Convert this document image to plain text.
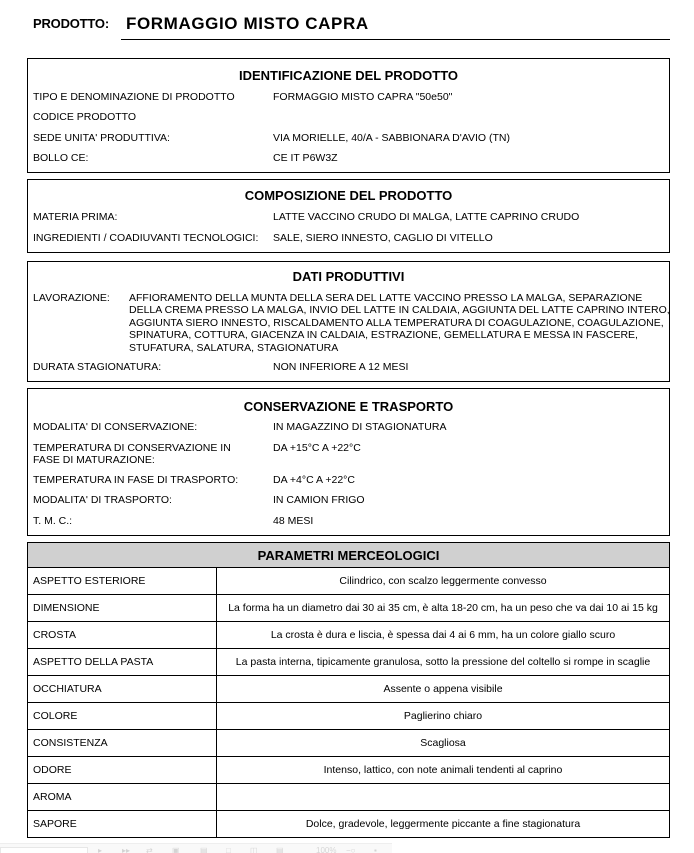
PRODOTTO: FORMAGGIO MISTO CAPRA
IDENTIFICAZIONE DEL PRODOTTO
TIPO E DENOMINAZIONE DI PRODOTTO	FORMAGGIO MISTO CAPRA "50e50"
CODICE PRODOTTO
SEDE UNITA' PRODUTTIVA:	VIA MORIELLE, 40/A - SABBIONARA D'AVIO (TN)
BOLLO CE:	CE IT P6W3Z
COMPOSIZIONE DEL PRODOTTO
MATERIA PRIMA:	LATTE VACCINO CRUDO DI MALGA, LATTE CAPRINO CRUDO
INGREDIENTI / COADIUVANTI TECNOLOGICI: SALE, SIERO INNESTO, CAGLIO DI VITELLO
DATI PRODUTTIVI
LAVORAZIONE: AFFIORAMENTO DELLA MUNTA DELLA SERA DEL LATTE VACCINO PRESSO LA MALGA, SEPARAZIONE DELLA CREMA PRESSO LA MALGA, INVIO DEL LATTE IN CALDAIA, AGGIUNTA DEL LATTE CAPRINO INTERO, AGGIUNTA SIERO INNESTO, RISCALDAMENTO ALLA TEMPERATURA DI COAGULAZIONE, COAGULAZIONE, SPINATURA, COTTURA, GIACENZA IN CALDAIA, ESTRAZIONE, GEMELLATURA E MESSA IN FASCERE, STUFATURA, SALATURA, STAGIONATURA
DURATA STAGIONATURA:	NON INFERIORE A 12 MESI
CONSERVAZIONE E TRASPORTO
MODALITA' DI CONSERVAZIONE:	IN MAGAZZINO DI STAGIONATURA
TEMPERATURA DI CONSERVAZIONE IN FASE DI MATURAZIONE:
DA +15°C A +22°C
TEMPERATURA IN FASE DI TRASPORTO:	DA +4°C A +22°C
MODALITA' DI TRASPORTO:	IN CAMION FRIGO
T. M. C.:	48 MESI
PARAMETRI MERCEOLOGICI	
ASPETTO ESTERIORE	Cilindrico, con scalzo leggermente convesso
DIMENSIONE	La forma ha un diametro dai 30 ai 35 cm, è alta 18-20 cm, ha un peso che va dai 10 ai 15 kg
CROSTA	La crosta è dura e liscia, è spessa dai 4 ai 6 mm, ha un colore giallo scuro
ASPETTO DELLA PASTA	La pasta interna, tipicamente granulosa, sotto la pressione del coltello si rompe in scaglie
OCCHIATURA	Assente o appena visibile
COLORE	Paglierino chiaro
CONSISTENZA	Scagliosa
ODORE	Intenso, lattico, con note animali tendenti al caprino
AROMA	
SAPORE	Dolce, gradevole, leggermente piccante a fine stagionatura
▸ ▸▸ ⇄ ▣	▤ □ ◫ ▤	100% −○ ▪
